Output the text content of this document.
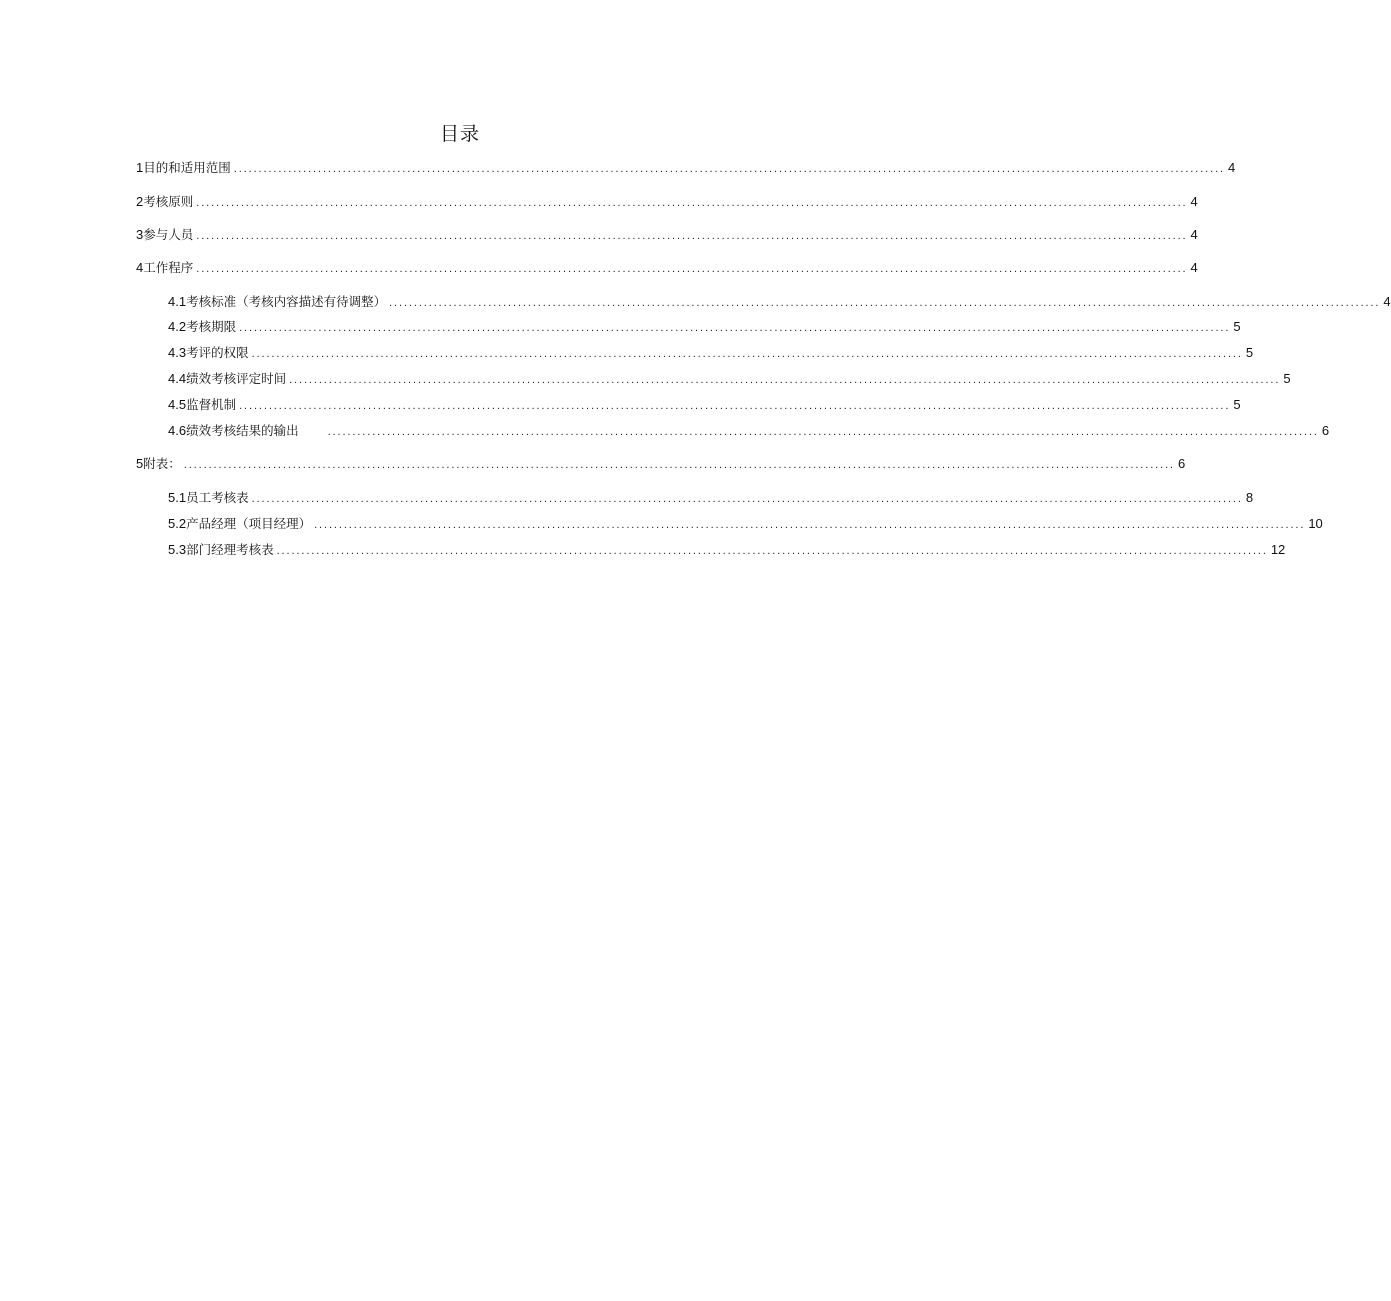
目录
1 目的和适用范围 ........................................................................................................................................................................................................ 4
2 考核原则 ........................................................................................................................................................................................................ 4
3 参与人员 ........................................................................................................................................................................................................ 4
4 工作程序 ........................................................................................................................................................................................................ 4
4.1 考核标准（考核内容描述有待调整） ........................................................................................................................................................................................................ 4
4.2 考核期限 ........................................................................................................................................................................................................ 5
4.3 考评的权限 ........................................................................................................................................................................................................ 5
4.4 绩效考核评定时间 ........................................................................................................................................................................................................ 5
4.5 监督机制 ........................................................................................................................................................................................................ 5
4.6 绩效考核结果的输出	........................................................................................................................................................................................................ 6
5 附表： ........................................................................................................................................................................................................ 6
5.1 员工考核表 ........................................................................................................................................................................................................ 8
5.2 产品经理（项目经理） ........................................................................................................................................................................................................ 10
5.3 部门经理考核表 ........................................................................................................................................................................................................ 12
